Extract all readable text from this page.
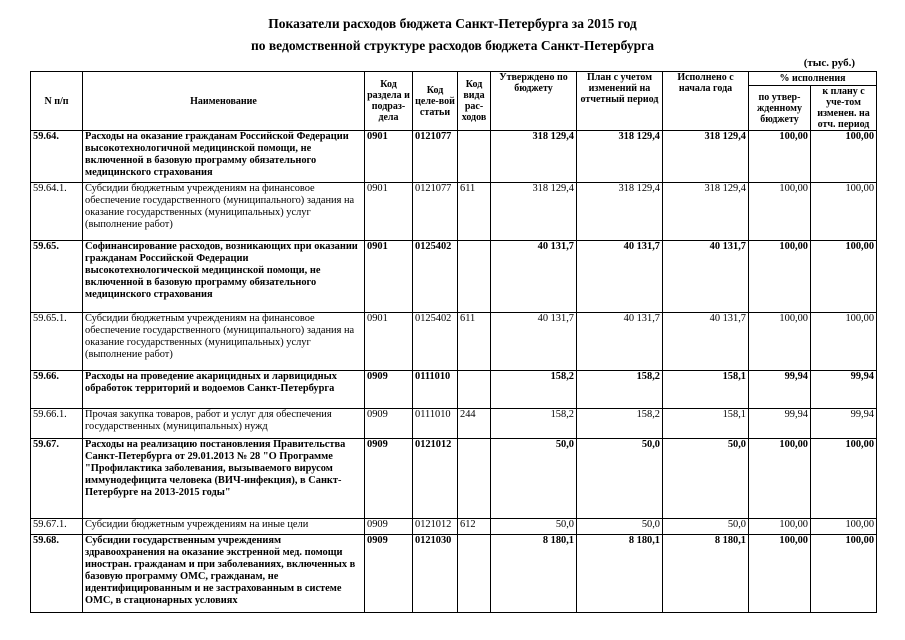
Показатели расходов бюджета Санкт-Петербурга за 2015 год
по ведомственной структуре расходов бюджета Санкт-Петербурга
(тыс. руб.)
N п/п	Наименование	Код раздела и подраз-дела	Код целе-вой статьи	Код вида рас-ходов	Утверждено по бюджету	План с учетом изменений на отчетный период	Исполнено с начала года	% исполнения	
								по утвер-жденному бюджету	к плану с уче-том изменен. на отч. период
59.64.	Расходы на оказание гражданам Российской Федерации высокотехнологичной медицинской помощи, не включенной в базовую программу обязательного медицинского страхования	0901	0121077		318 129,4	318 129,4	318 129,4	100,00	100,00
59.64.1.	Субсидии бюджетным учреждениям на финансовое обеспечение государственного (муниципального) задания на оказание государственных (муниципальных) услуг (выполнение работ)	0901	0121077	611	318 129,4	318 129,4	318 129,4	100,00	100,00
59.65.	Софинансирование расходов, возникающих при оказании гражданам Российской Федерации высокотехнологической медицинской помощи, не включенной в базовую программу обязательного медицинского страхования	0901	0125402		40 131,7	40 131,7	40 131,7	100,00	100,00
59.65.1.	Субсидии бюджетным учреждениям на финансовое обеспечение государственного (муниципального) задания на оказание государственных (муниципальных) услуг (выполнение работ)	0901	0125402	611	40 131,7	40 131,7	40 131,7	100,00	100,00
59.66.	Расходы на проведение акарицидных и ларвицидных обработок территорий и водоемов Санкт-Петербурга	0909	0111010		158,2	158,2	158,1	99,94	99,94
59.66.1.	Прочая закупка товаров, работ и услуг для обеспечения государственных (муниципальных) нужд	0909	0111010	244	158,2	158,2	158,1	99,94	99,94
59.67.	Расходы на реализацию постановления Правительства Санкт-Петербурга от 29.01.2013 № 28 "О Программе "Профилактика заболевания, вызываемого вирусом иммунодефицита человека (ВИЧ-инфекция), в Санкт-Петербурге на 2013-2015 годы"	0909	0121012		50,0	50,0	50,0	100,00	100,00
59.67.1.	Субсидии бюджетным учреждениям на иные цели	0909	0121012	612	50,0	50,0	50,0	100,00	100,00
59.68.	Субсидии государственным учреждениям здравоохранения на оказание экстренной мед. помощи иностран. гражданам и при заболеваниях, включенных в базовую программу ОМС, гражданам, не идентифицированным и не застрахованным в системе ОМС, в стационарных условиях	0909	0121030		8 180,1	8 180,1	8 180,1	100,00	100,00
